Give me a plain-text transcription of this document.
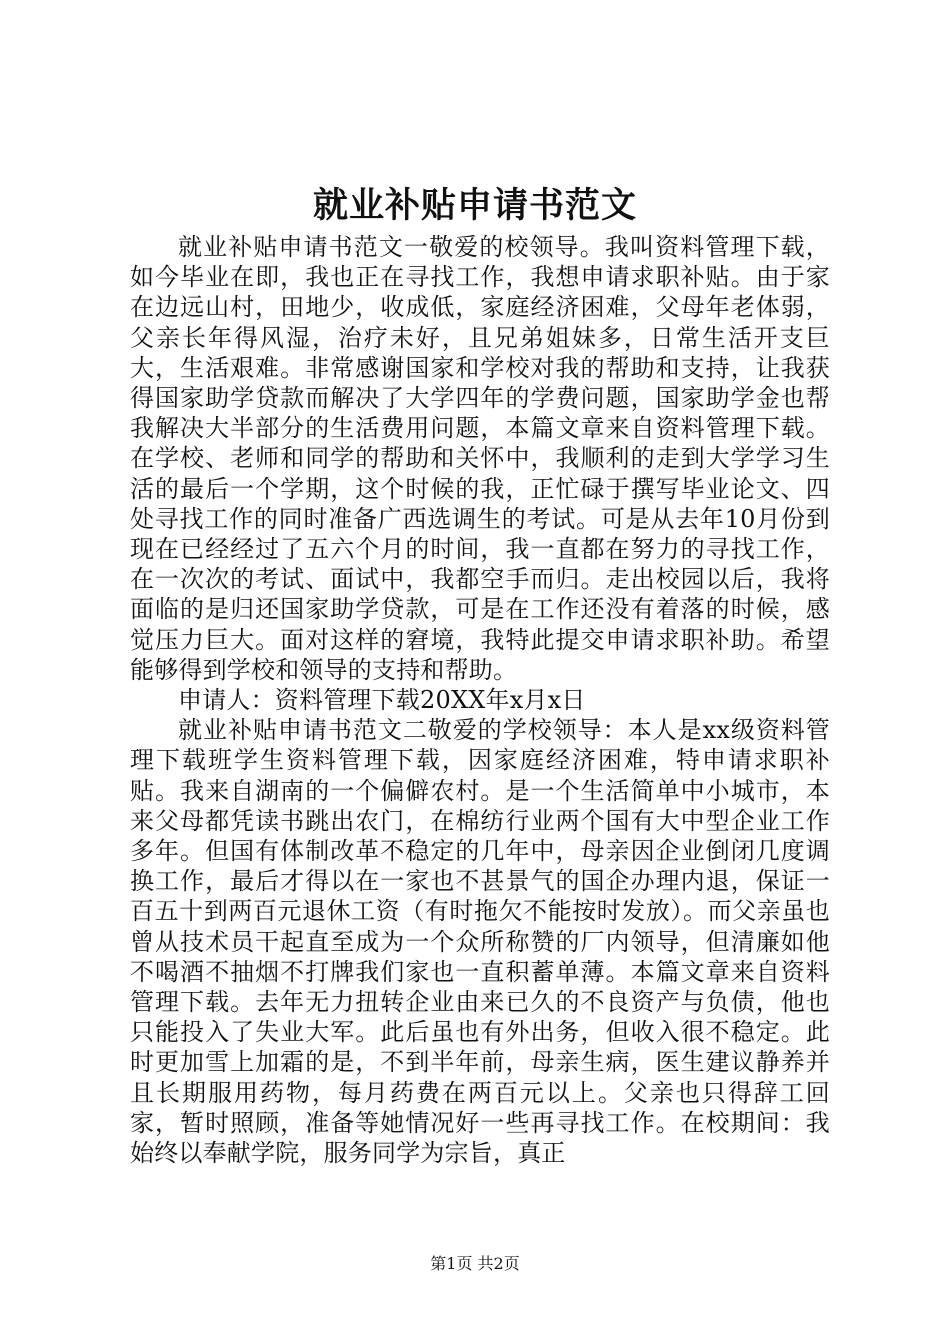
就业补贴申请书范文

就业补贴申请书范文一敬爱的校领导。我叫资料管理下载，如今毕业在即，我也正在寻找工作，我想申请求职补贴。由于家在边远山村，田地少，收成低，家庭经济困难，父母年老体弱，父亲长年得风湿，治疗未好，且兄弟姐妹多，日常生活开支巨大，生活艰难。非常感谢国家和学校对我的帮助和支持，让我获得国家助学贷款而解决了大学四年的学费问题，国家助学金也帮我解决大半部分的生活费用问题，本篇文章来自资料管理下载。在学校、老师和同学的帮助和关怀中，我顺利的走到大学学习生活的最后一个学期，这个时候的我，正忙碌于撰写毕业论文、四处寻找工作的同时准备广西选调生的考试。可是从去年10月份到现在已经经过了五六个月的时间，我一直都在努力的寻找工作，在一次次的考试、面试中，我都空手而归。走出校园以后，我将面临的是归还国家助学贷款，可是在工作还没有着落的时候，感觉压力巨大。面对这样的窘境，我特此提交申请求职补助。希望能够得到学校和领导的支持和帮助。

申请人：资料管理下载20XX年x月x日

就业补贴申请书范文二敬爱的学校领导：本人是xx级资料管理下载班学生资料管理下载，因家庭经济困难，特申请求职补贴。我来自湖南的一个偏僻农村。是一个生活简单中小城市，本来父母都凭读书跳出农门，在棉纺行业两个国有大中型企业工作多年。但国有体制改革不稳定的几年中，母亲因企业倒闭几度调换工作，最后才得以在一家也不甚景气的国企办理内退，保证一百五十到两百元退休工资（有时拖欠不能按时发放）。而父亲虽也曾从技术员干起直至成为一个众所称赞的厂内领导，但清廉如他不喝酒不抽烟不打牌我们家也一直积蓄单薄。本篇文章来自资料管理下载。去年无力扭转企业由来已久的不良资产与负债，他也只能投入了失业大军。此后虽也有外出务，但收入很不稳定。此时更加雪上加霜的是，不到半年前，母亲生病，医生建议静养并且长期服用药物，每月药费在两百元以上。父亲也只得辞工回家，暂时照顾，准备等她情况好一些再寻找工作。在校期间：我始终以奉献学院，服务同学为宗旨，真正

第1页 共2页
